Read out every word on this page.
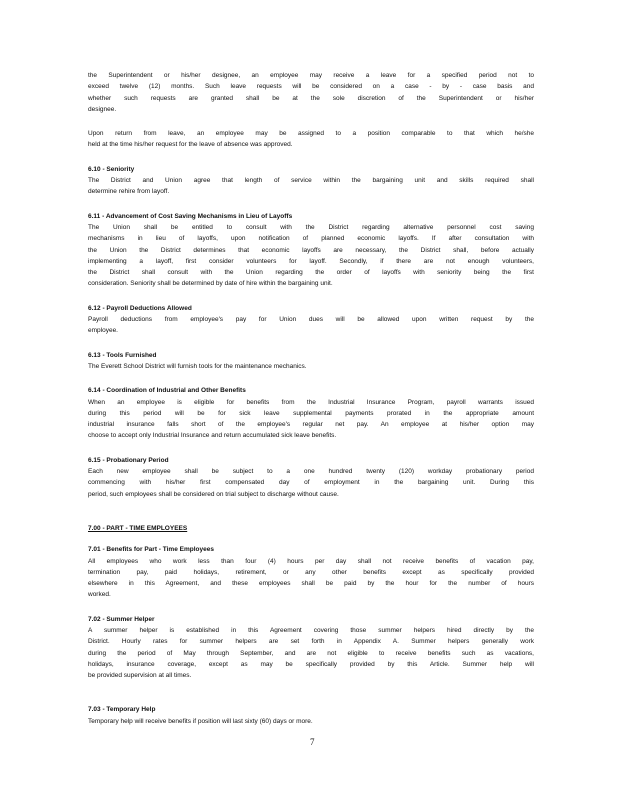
the Superintendent or his/her designee, an employee may receive a leave for a specified period not to
exceed twelve (12) months. Such leave requests will be considered on a case - by - case basis and
whether such requests are granted shall be at the sole discretion of the Superintendent or his/her
designee.
Upon return from leave, an employee may be assigned to a position comparable to that which he/she
held at the time his/her request for the leave of absence was approved.
6.10 - Seniority
The District and Union agree that length of service within the bargaining unit and skills required shall
determine rehire from layoff.
6.11 - Advancement of Cost Saving Mechanisms in Lieu of Layoffs
The Union shall be entitled to consult with the District regarding alternative personnel cost saving
mechanisms in lieu of layoffs, upon notification of planned economic layoffs. If after consultation with
the Union the District determines that economic layoffs are necessary, the District shall, before actually
implementing a layoff, first consider volunteers for layoff. Secondly, if there are not enough volunteers,
the District shall consult with the Union regarding the order of layoffs with seniority being the first
consideration. Seniority shall be determined by date of hire within the bargaining unit.
6.12 - Payroll Deductions Allowed
Payroll deductions from employee's pay for Union dues will be allowed upon written request by the
employee.
6.13 - Tools Furnished
The Everett School District will furnish tools for the maintenance mechanics.
6.14 - Coordination of Industrial and Other Benefits
When an employee is eligible for benefits from the Industrial Insurance Program, payroll warrants issued
during this period will be for sick leave supplemental payments prorated in the appropriate amount
industrial insurance falls short of the employee's regular net pay. An employee at his/her option may
choose to accept only Industrial Insurance and return accumulated sick leave benefits.
6.15 - Probationary Period
Each new employee shall be subject to a one hundred twenty (120) workday probationary period
commencing with his/her first compensated day of employment in the bargaining unit. During this
period, such employees shall be considered on trial subject to discharge without cause.
7.00 - PART - TIME EMPLOYEES
7.01 - Benefits for Part - Time Employees
All employees who work less than four (4) hours per day shall not receive benefits of vacation pay,
termination pay, paid holidays, retirement, or any other benefits except as specifically provided
elsewhere in this Agreement, and these employees shall be paid by the hour for the number of hours
worked.
7.02 - Summer Helper
A summer helper is established in this Agreement covering those summer helpers hired directly by the
District. Hourly rates for summer helpers are set forth in Appendix A. Summer helpers generally work
during the period of May through September, and are not eligible to receive benefits such as vacations,
holidays, insurance coverage, except as may be specifically provided by this Article. Summer help will
be provided supervision at all times.
7.03 - Temporary Help
Temporary help will receive benefits if position will last sixty (60) days or more.
7
